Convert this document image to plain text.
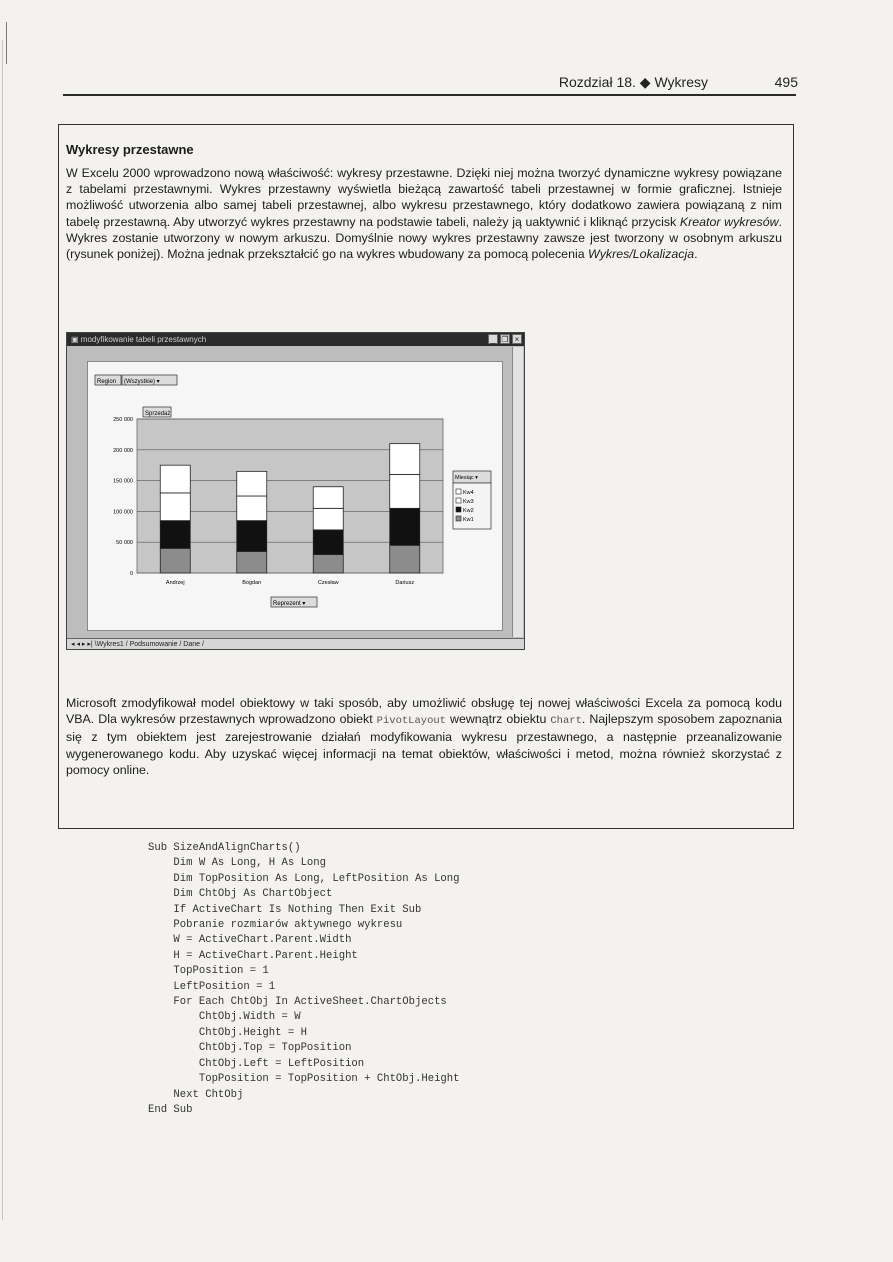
Rozdział 18. ◆ Wykresy	495
Wykresy przestawne
W Excelu 2000 wprowadzono nową właściwość: wykresy przestawne. Dzięki niej można tworzyć dynamiczne wykresy powiązane z tabelami przestawnymi. Wykres przestawny wyświetla bieżącą zawartość tabeli przestawnej w formie graficznej. Istnieje możliwość utworzenia albo samej tabeli przestawnej, albo wykresu przestawnego, który dodatkowo zawiera powiązaną z nim tabelę przestawną. Aby utworzyć wykres przestawny na podstawie tabeli, należy ją uaktywnić i kliknąć przycisk Kreator wykresów. Wykres zostanie utworzony w nowym arkuszu. Domyślnie nowy wykres przestawny zawsze jest tworzony w osobnym arkuszu (rysunek poniżej). Można jednak przekształcić go na wykres wbudowany za pomocą polecenia Wykres/Lokalizacja.
▣ modyfikowanie tabeli przestawnych	_ ❐ ×
Region (Wszystkie) ▾
Sprzedaż
0
50 000
100 000
150 000
200 000
250 000
Andrzej	Bogdan	Czesław	Dariusz
Reprezent ▾
Miesiąc ▾
Kw4
Kw3
Kw2
Kw1
◂ ◂ ▸ ▸| \Wykres1 / Podsumowanie / Dane /
Microsoft zmodyfikował model obiektowy w taki sposób, aby umożliwić obsługę tej nowej właściwości Excela za pomocą kodu VBA. Dla wykresów przestawnych wprowadzono obiekt PivotLayout wewnątrz obiektu Chart. Najlepszym sposobem zapoznania się z tym obiektem jest zarejestrowanie działań modyfikowania wykresu przestawnego, a następnie przeanalizowanie wygenerowanego kodu. Aby uzyskać więcej informacji na temat obiektów, właściwości i metod, można również skorzystać z pomocy online.
Sub SizeAndAlignCharts()
Dim W As Long, H As Long
Dim TopPosition As Long, LeftPosition As Long
Dim ChtObj As ChartObject
If ActiveChart Is Nothing Then Exit Sub
Pobranie rozmiarów aktywnego wykresu
W = ActiveChart.Parent.Width
H = ActiveChart.Parent.Height
TopPosition = 1
LeftPosition = 1
For Each ChtObj In ActiveSheet.ChartObjects
ChtObj.Width = W
ChtObj.Height = H
ChtObj.Top = TopPosition
ChtObj.Left = LeftPosition
TopPosition = TopPosition + ChtObj.Height
Next ChtObj
End Sub
